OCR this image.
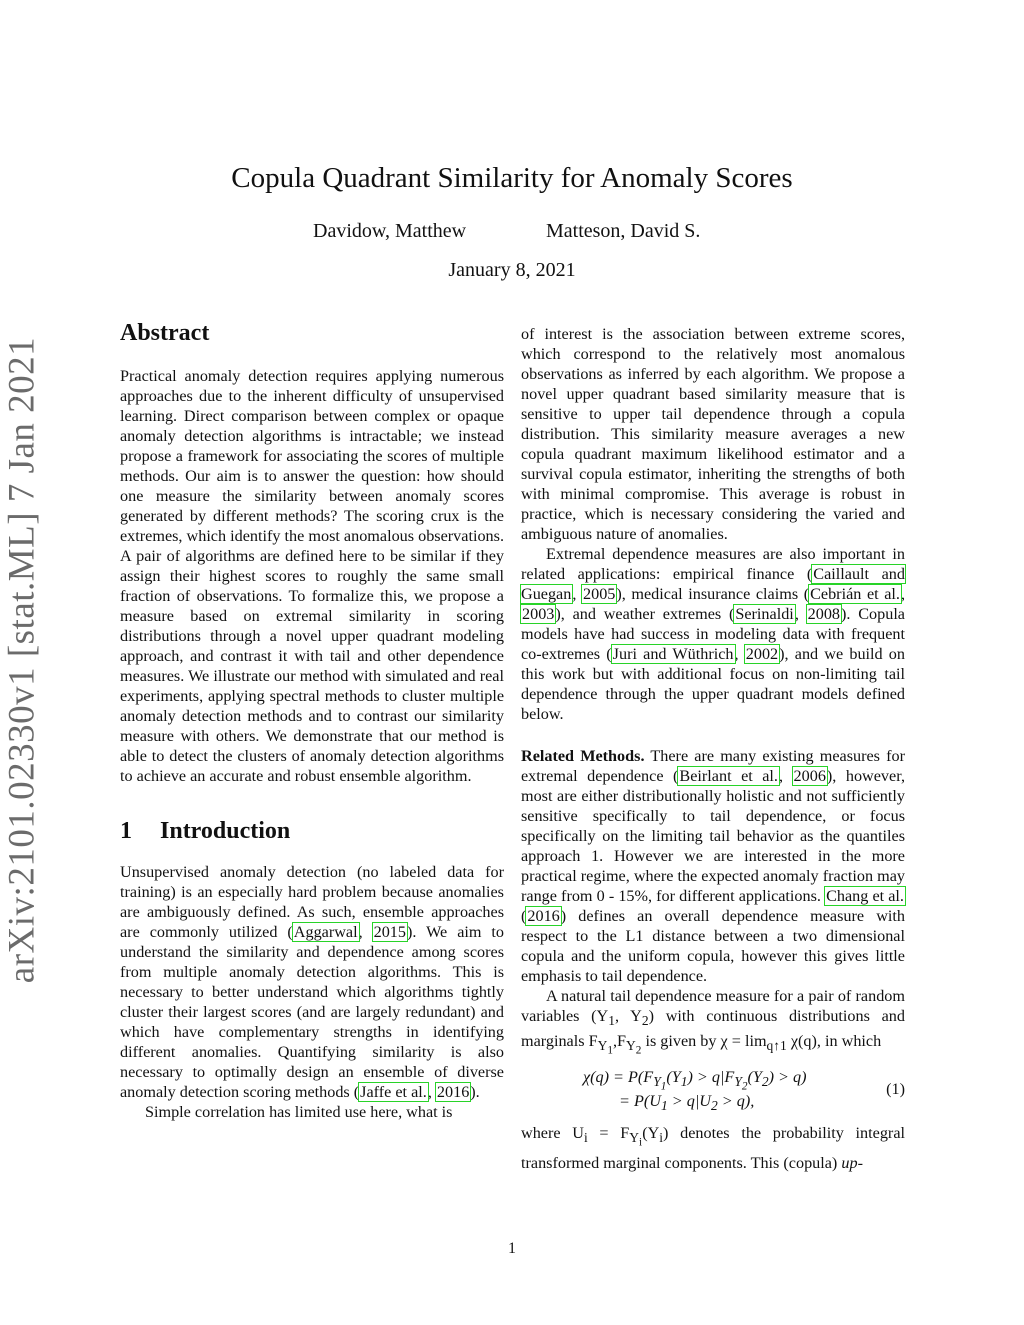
arXiv:2101.02330v1 [stat.ML] 7 Jan 2021
Copula Quadrant Similarity for Anomaly Scores
Davidow, Matthew	Matteson, David S.
January 8, 2021
Abstract

Practical anomaly detection requires applying numerous approaches due to the inherent difficulty of unsupervised learning. Direct comparison between complex or opaque anomaly detection algorithms is intractable; we instead propose a framework for associating the scores of multiple methods. Our aim is to answer the question: how should one measure the similarity between anomaly scores generated by different methods? The scoring crux is the extremes, which identify the most anomalous observations. A pair of algorithms are defined here to be similar if they assign their highest scores to roughly the same small fraction of observations. To formalize this, we propose a measure based on extremal similarity in scoring distributions through a novel upper quadrant modeling approach, and contrast it with tail and other dependence measures. We illustrate our method with simulated and real experiments, applying spectral methods to cluster multiple anomaly detection methods and to contrast our similarity measure with others. We demonstrate that our method is able to detect the clusters of anomaly detection algorithms to achieve an accurate and robust ensemble algorithm.

1 Introduction

Unsupervised anomaly detection (no labeled data for training) is an especially hard problem because anomalies are ambiguously defined. As such, ensemble approaches are commonly utilized (Aggarwal, 2015). We aim to understand the similarity and dependence among scores from multiple anomaly detection algorithms. This is necessary to better understand which algorithms tightly cluster their largest scores (and are largely redundant) and which have complementary strengths in identifying different anomalies. Quantifying similarity is also necessary to optimally design an ensemble of diverse anomaly detection scoring methods (Jaffe et al., 2016).

Simple correlation has limited use here, what is

of interest is the association between extreme scores, which correspond to the relatively most anomalous observations as inferred by each algorithm. We propose a novel upper quadrant based similarity measure that is sensitive to upper tail dependence through a copula distribution. This similarity measure averages a new copula quadrant maximum likelihood estimator and a survival copula estimator, inheriting the strengths of both with minimal compromise. This average is robust in practice, which is necessary considering the varied and ambiguous nature of anomalies.

Extremal dependence measures are also important in related applications: empirical finance (Caillault and Guegan, 2005), medical insurance claims (Cebrián et al., 2003), and weather extremes (Serinaldi, 2008). Copula models have had success in modeling data with frequent co-extremes (Juri and Wüthrich, 2002), and we build on this work but with additional focus on non-limiting tail dependence through the upper quadrant models defined below.

Related Methods. There are many existing measures for extremal dependence (Beirlant et al., 2006), however, most are either distributionally holistic and not sufficiently sensitive specifically to tail dependence, or focus specifically on the limiting tail behavior as the quantiles approach 1. However we are interested in the more practical regime, where the expected anomaly fraction may range from 0 - 15%, for different applications. Chang et al. (2016) defines an overall dependence measure with respect to the L1 distance between a two dimensional copula and the uniform copula, however this gives little emphasis to tail dependence.

A natural tail dependence measure for a pair of random variables ($Y_1$, $Y_2$) with continuous distributions and marginals $F_{Y_1},F_{Y_2}$ is given by $\chi = \lim_{q↑1} \chi(q)$, in which

$\chi(q) = P(F_{Y_1}(Y_1) > q|F_{Y_2}(Y_2) > q)$
= $P(U_1 > q|U_2 > q)$,
(1)

where $U_i = F_{Y_i}(Y_i)$ denotes the probability integral transformed marginal components. This (copula) up-

1
